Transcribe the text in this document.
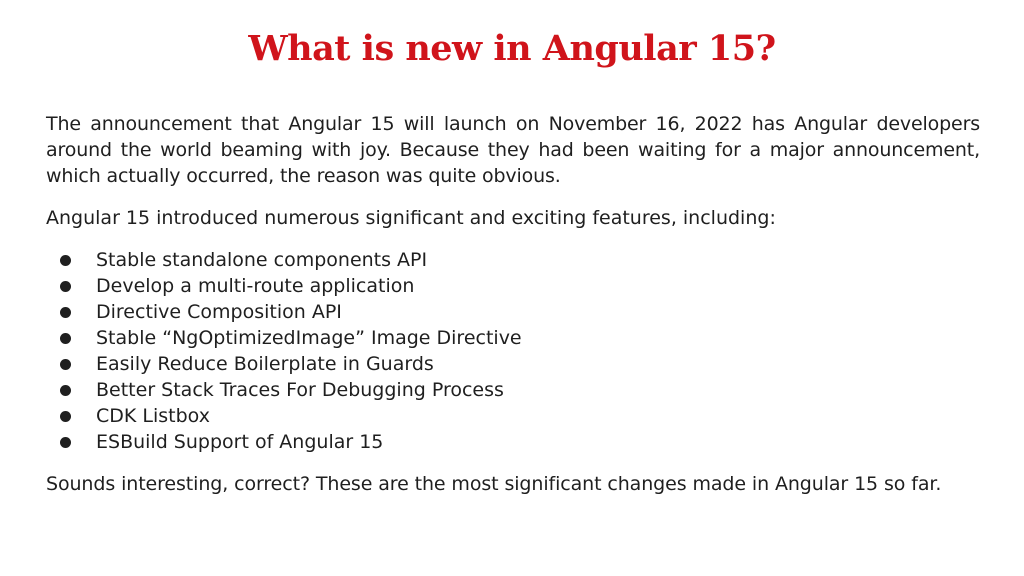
What is new in Angular 15?

The announcement that Angular 15 will launch on November 16, 2022 has Angular developers around the world beaming with joy. Because they had been waiting for a major announcement, which actually occurred, the reason was quite obvious.

Angular 15 introduced numerous significant and exciting features, including:

Stable standalone components API
Develop a multi-route application
Directive Composition API
Stable “NgOptimizedImage” Image Directive
Easily Reduce Boilerplate in Guards
Better Stack Traces For Debugging Process
CDK Listbox
ESBuild Support of Angular 15

Sounds interesting, correct? These are the most significant changes made in Angular 15 so far.
